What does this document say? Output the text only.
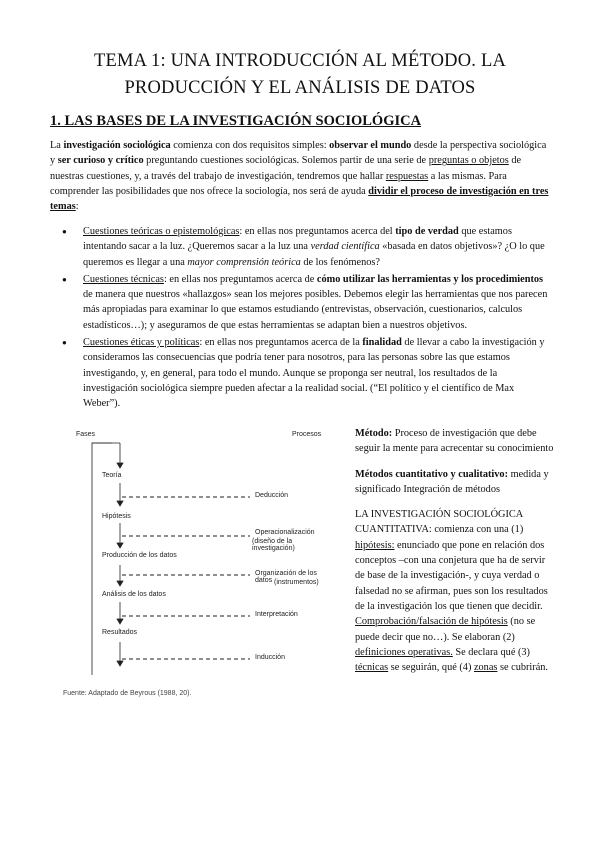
TEMA 1: UNA INTRODUCCIÓN AL MÉTODO. LA
PRODUCCIÓN Y EL ANÁLISIS DE DATOS
1. LAS BASES DE LA INVESTIGACIÓN SOCIOLÓGICA
La investigación sociológica comienza con dos requisitos simples: observar el mundo desde la perspectiva sociológica y ser curioso y crítico preguntando cuestiones sociológicas. Solemos partir de una serie de preguntas o objetos de nuestras cuestiones, y, a través del trabajo de investigación, tendremos que hallar respuestas a las mismas. Para comprender las posibilidades que nos ofrece la sociología, nos será de ayuda dividir el proceso de investigación en tres temas:
● Cuestiones teóricas o epistemológicas: en ellas nos preguntamos acerca del tipo de verdad que estamos intentando sacar a la luz. ¿Queremos sacar a la luz una verdad científica «basada en datos objetivos»? ¿O lo que queremos es llegar a una mayor comprensión teórica de los fenómenos?
● Cuestiones técnicas: en ellas nos preguntamos acerca de cómo utilizar las herramientas y los procedimientos de manera que nuestros «hallazgos» sean los mejores posibles. Debemos elegir las herramientas que nos parecen más apropiadas para examinar lo que estamos estudiando (entrevistas, observación, cuestionarios, calculos estadísticos…); y aseguramos de que estas herramientas se adaptan bien a nuestros objetivos.
● Cuestiones éticas y políticas: en ellas nos preguntamos acerca de la finalidad de llevar a cabo la investigación y consideramos las consecuencias que podría tener para nosotros, para las personas sobre las que estamos investigando, y, en general, para todo el mundo. Aunque se proponga ser neutral, los resultados de la investigación sociológica siempre pueden afectar a la realidad social. (“El político y el científico de Max Weber”).
Fases	Procesos
Teoría
Hipótesis
Producción de los datos
Análisis de los datos
Resultados
Deducción
Operacionalización
(diseño de la investigación)
Organización de los datos (instrumentos)
Interpretación
Inducción
Fuente: Adaptado de Beyrous (1988, 20).

Método: Proceso de investigación que debe seguir la mente para acrecentar su conocimiento

Métodos cuantitativo y cualitativo: medida y significado Integración de métodos

LA INVESTIGACIÓN SOCIOLÓGICA CUANTITATIVA: comienza con una (1) hipótesis: enunciado que pone en relación dos conceptos –con una conjetura que ha de servir de base de la investigación-, y cuya verdad o falsedad no se afirman, pues son los resultados de la investigación los que tienen que decidir. Comprobación/falsación de hipótesis (no se puede decir que no…). Se elaboran (2) definiciones operativas. Se declara qué (3) técnicas se seguirán, qué (4) zonas se cubrirán.
